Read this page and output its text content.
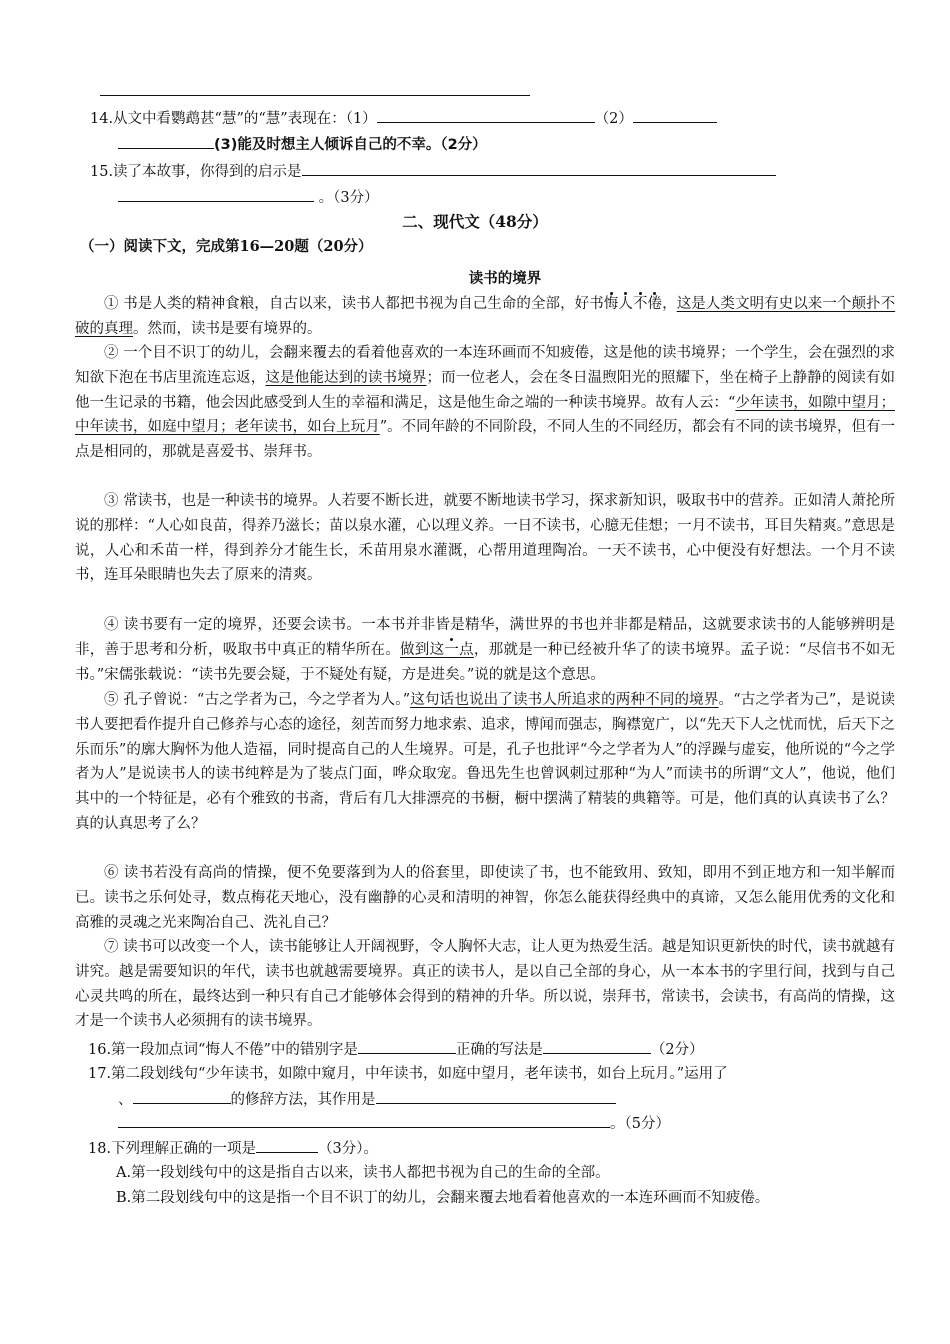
14.从文中看鹦鹉甚“慧”的“慧”表现在：（1）	（2）
(3)能及时想主人倾诉自己的不幸。（2分）
15.读了本故事，你得到的启示是
。（3分）
二、现代文（48分）
（一）阅读下文，完成第16—20题（20分）
读书的境界
① 书是人类的精神食粮，自古以来，读书人都把书视为自己生命的全部，好书悔人不倦，这是人类文明有史以来一个颠扑不破的真理。然而，读书是要有境界的。
② 一个目不识丁的幼儿，会翻来覆去的看着他喜欢的一本连环画而不知疲倦，这是他的读书境界；一个学生，会在强烈的求知欲下泡在书店里流连忘返，这是他能达到的读书境界；而一位老人，会在冬日温煦阳光的照耀下，坐在椅子上静静的阅读有如他一生记录的书籍，他会因此感受到人生的幸福和满足，这是他生命之端的一种读书境界。故有人云：“少年读书，如隙中望月；中年读书，如庭中望月；老年读书，如台上玩月”。不同年龄的不同阶段，不同人生的不同经历，都会有不同的读书境界，但有一点是相同的，那就是喜爱书、崇拜书。
③ 常读书，也是一种读书的境界。人若要不断长进，就要不断地读书学习，探求新知识，吸取书中的营养。正如清人萧抡所说的那样：“人心如良苗，得养乃滋长；苗以泉水灌，心以理义养。一日不读书，心臆无佳想；一月不读书，耳目失精爽。”意思是说，人心和禾苗一样，得到养分才能生长，禾苗用泉水灌溉，心帮用道理陶冶。一天不读书，心中便没有好想法。一个月不读书，连耳朵眼睛也失去了原来的清爽。
④ 读书要有一定的境界，还要会读书。一本书并非皆是精华，满世界的书也并非都是精品，这就要求读书的人能够辨明是非，善于思考和分析，吸取书中真正的精华所在。做到这一点，那就是一种已经被升华了的读书境界。孟子说：“尽信书不如无书。”宋儒张载说：“读书先要会疑，于不疑处有疑，方是进矣。”说的就是这个意思。
⑤ 孔子曾说：“古之学者为己，今之学者为人。”这句话也说出了读书人所追求的两种不同的境界。“古之学者为己”，是说读书人要把看作提升自己修养与心态的途径，刻苦而努力地求索、追求，博闻而强志，胸襟宽广，以“先天下人之忧而忧，后天下之乐而乐”的廓大胸怀为他人造福，同时提高自己的人生境界。可是，孔子也批评“今之学者为人”的浮躁与虚妄，他所说的“今之学者为人”是说读书人的读书纯粹是为了装点门面，哗众取宠。鲁迅先生也曾讽刺过那种“为人”而读书的所谓“文人”，他说，他们其中的一个特征是，必有个雅致的书斋，背后有几大排漂亮的书橱，橱中摆满了精装的典籍等。可是，他们真的认真读书了么？真的认真思考了么？
⑥ 读书若没有高尚的情操，便不免要落到为人的俗套里，即使读了书，也不能致用、致知，即用不到正地方和一知半解而已。读书之乐何处寻，数点梅花天地心，没有幽静的心灵和清明的神智，你怎么能获得经典中的真谛，又怎么能用优秀的文化和高雅的灵魂之光来陶冶自己、洗礼自己？
⑦ 读书可以改变一个人，读书能够让人开阔视野，令人胸怀大志，让人更为热爱生活。越是知识更新快的时代，读书就越有讲究。越是需要知识的年代，读书也就越需要境界。真正的读书人，是以自己全部的身心，从一本本书的字里行间，找到与自己心灵共鸣的所在，最终达到一种只有自己才能够体会得到的精神的升华。所以说，崇拜书，常读书，会读书，有高尚的情操，这才是一个读书人必须拥有的读书境界。
16.第一段加点词“悔人不倦”中的错别字是	正确的写法是	（2分）
17.第二段划线句“少年读书，如隙中窥月，中年读书，如庭中望月，老年读书，如台上玩月。”运用了
、	的修辞方法，其作用是
。（5分）
18.下列理解正确的一项是	（3分）。
A.第一段划线句中的这是指自古以来，读书人都把书视为自己的生命的全部。
B.第二段划线句中的这是指一个目不识丁的幼儿，会翻来覆去地看着他喜欢的一本连环画而不知疲倦。
